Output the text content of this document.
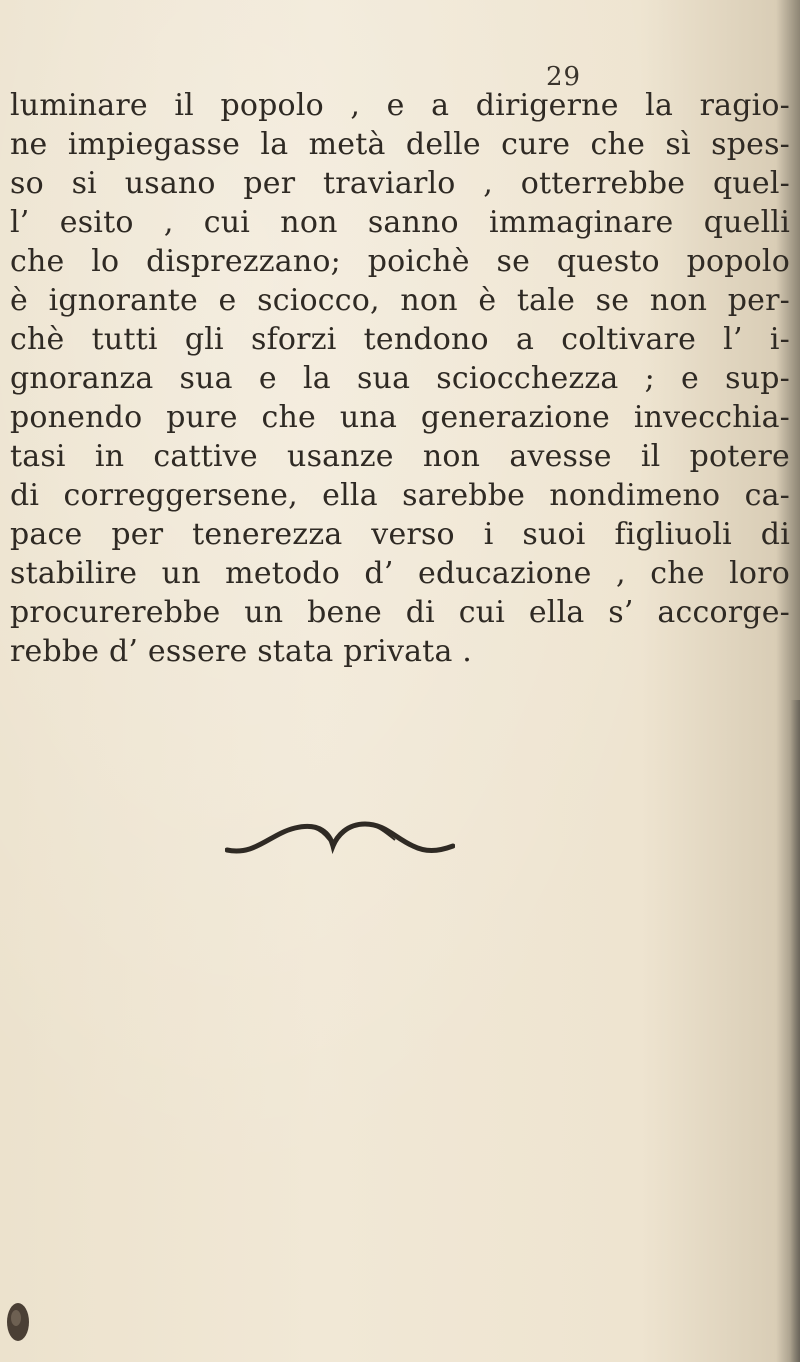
29
luminare il popolo , e a dirigerne la ragio-
ne impiegasse la metà delle cure che sì spes-
so si usano per traviarlo , otterrebbe quel-
l’ esito , cui non sanno immaginare quelli
che lo disprezzano; poichè se questo popolo
è ignorante e sciocco, non è tale se non per-
chè tutti gli sforzi tendono a coltivare l’ i-
gnoranza sua e la sua sciocchezza ; e sup-
ponendo pure che una generazione invecchia-
tasi in cattive usanze non avesse il potere
di correggersene, ella sarebbe nondimeno ca-
pace per tenerezza verso i suoi figliuoli di
stabilire un metodo d’ educazione , che loro
procurerebbe un bene di cui ella s’ accorge-
rebbe d’ essere stata privata .
